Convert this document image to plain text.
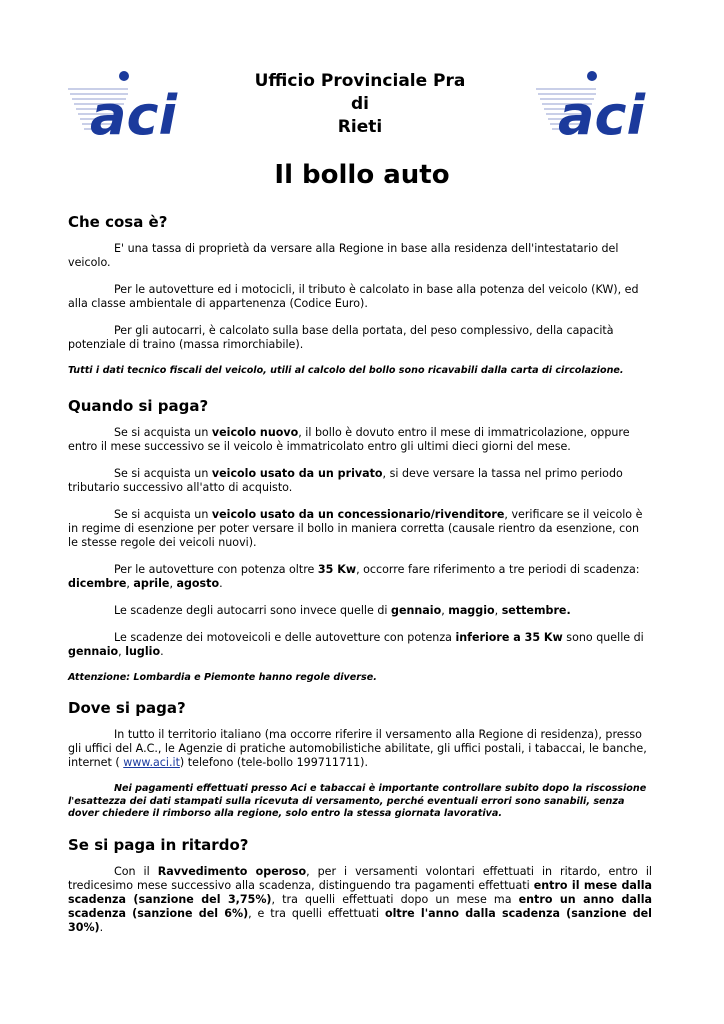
aci	aci
Ufficio Provinciale Pra
di
Rieti
Il bollo auto
Che cosa è?

E' una tassa di proprietà da versare alla Regione in base alla residenza dell'intestatario del veicolo.

Per le autovetture ed i motocicli, il tributo è calcolato in base alla potenza del veicolo (KW), ed alla classe ambientale di appartenenza (Codice Euro).

Per gli autocarri, è calcolato sulla base della portata, del peso complessivo, della capacità potenziale di traino (massa rimorchiabile).

Tutti i dati tecnico fiscali del veicolo, utili al calcolo del bollo sono ricavabili dalla carta di circolazione.

Quando si paga?

Se si acquista un veicolo nuovo, il bollo è dovuto entro il mese di immatricolazione, oppure entro il mese successivo se il veicolo è immatricolato entro gli ultimi dieci giorni del mese.

Se si acquista un veicolo usato da un privato, si deve versare la tassa nel primo periodo tributario successivo all'atto di acquisto.

Se si acquista un veicolo usato da un concessionario/rivenditore, verificare se il veicolo è in regime di esenzione per poter versare il bollo in maniera corretta (causale rientro da esenzione, con le stesse regole dei veicoli nuovi).

Per le autovetture con potenza oltre 35 Kw, occorre fare riferimento a tre periodi di scadenza: dicembre, aprile, agosto.

Le scadenze degli autocarri sono invece quelle di gennaio, maggio, settembre.

Le scadenze dei motoveicoli e delle autovetture con potenza inferiore a 35 Kw sono quelle di gennaio, luglio.

Attenzione: Lombardia e Piemonte hanno regole diverse.

Dove si paga?

In tutto il territorio italiano (ma occorre riferire il versamento alla Regione di residenza), presso gli uffici del A.C., le Agenzie di pratiche automobilistiche abilitate, gli uffici postali, i tabaccai, le banche, internet ( www.aci.it) telefono (tele-bollo 199711711).

Nei pagamenti effettuati presso Aci e tabaccai è importante controllare subito dopo la riscossione l'esattezza dei dati stampati sulla ricevuta di versamento, perché eventuali errori sono sanabili, senza dover chiedere il rimborso alla regione, solo entro la stessa giornata lavorativa.

Se si paga in ritardo?

Con il Ravvedimento operoso, per i versamenti volontari effettuati in ritardo, entro il tredicesimo mese successivo alla scadenza, distinguendo tra pagamenti effettuati entro il mese dalla scadenza (sanzione del 3,75%), tra quelli effettuati dopo un mese ma entro un anno dalla scadenza (sanzione del 6%), e tra quelli effettuati oltre l'anno dalla scadenza (sanzione del 30%).
